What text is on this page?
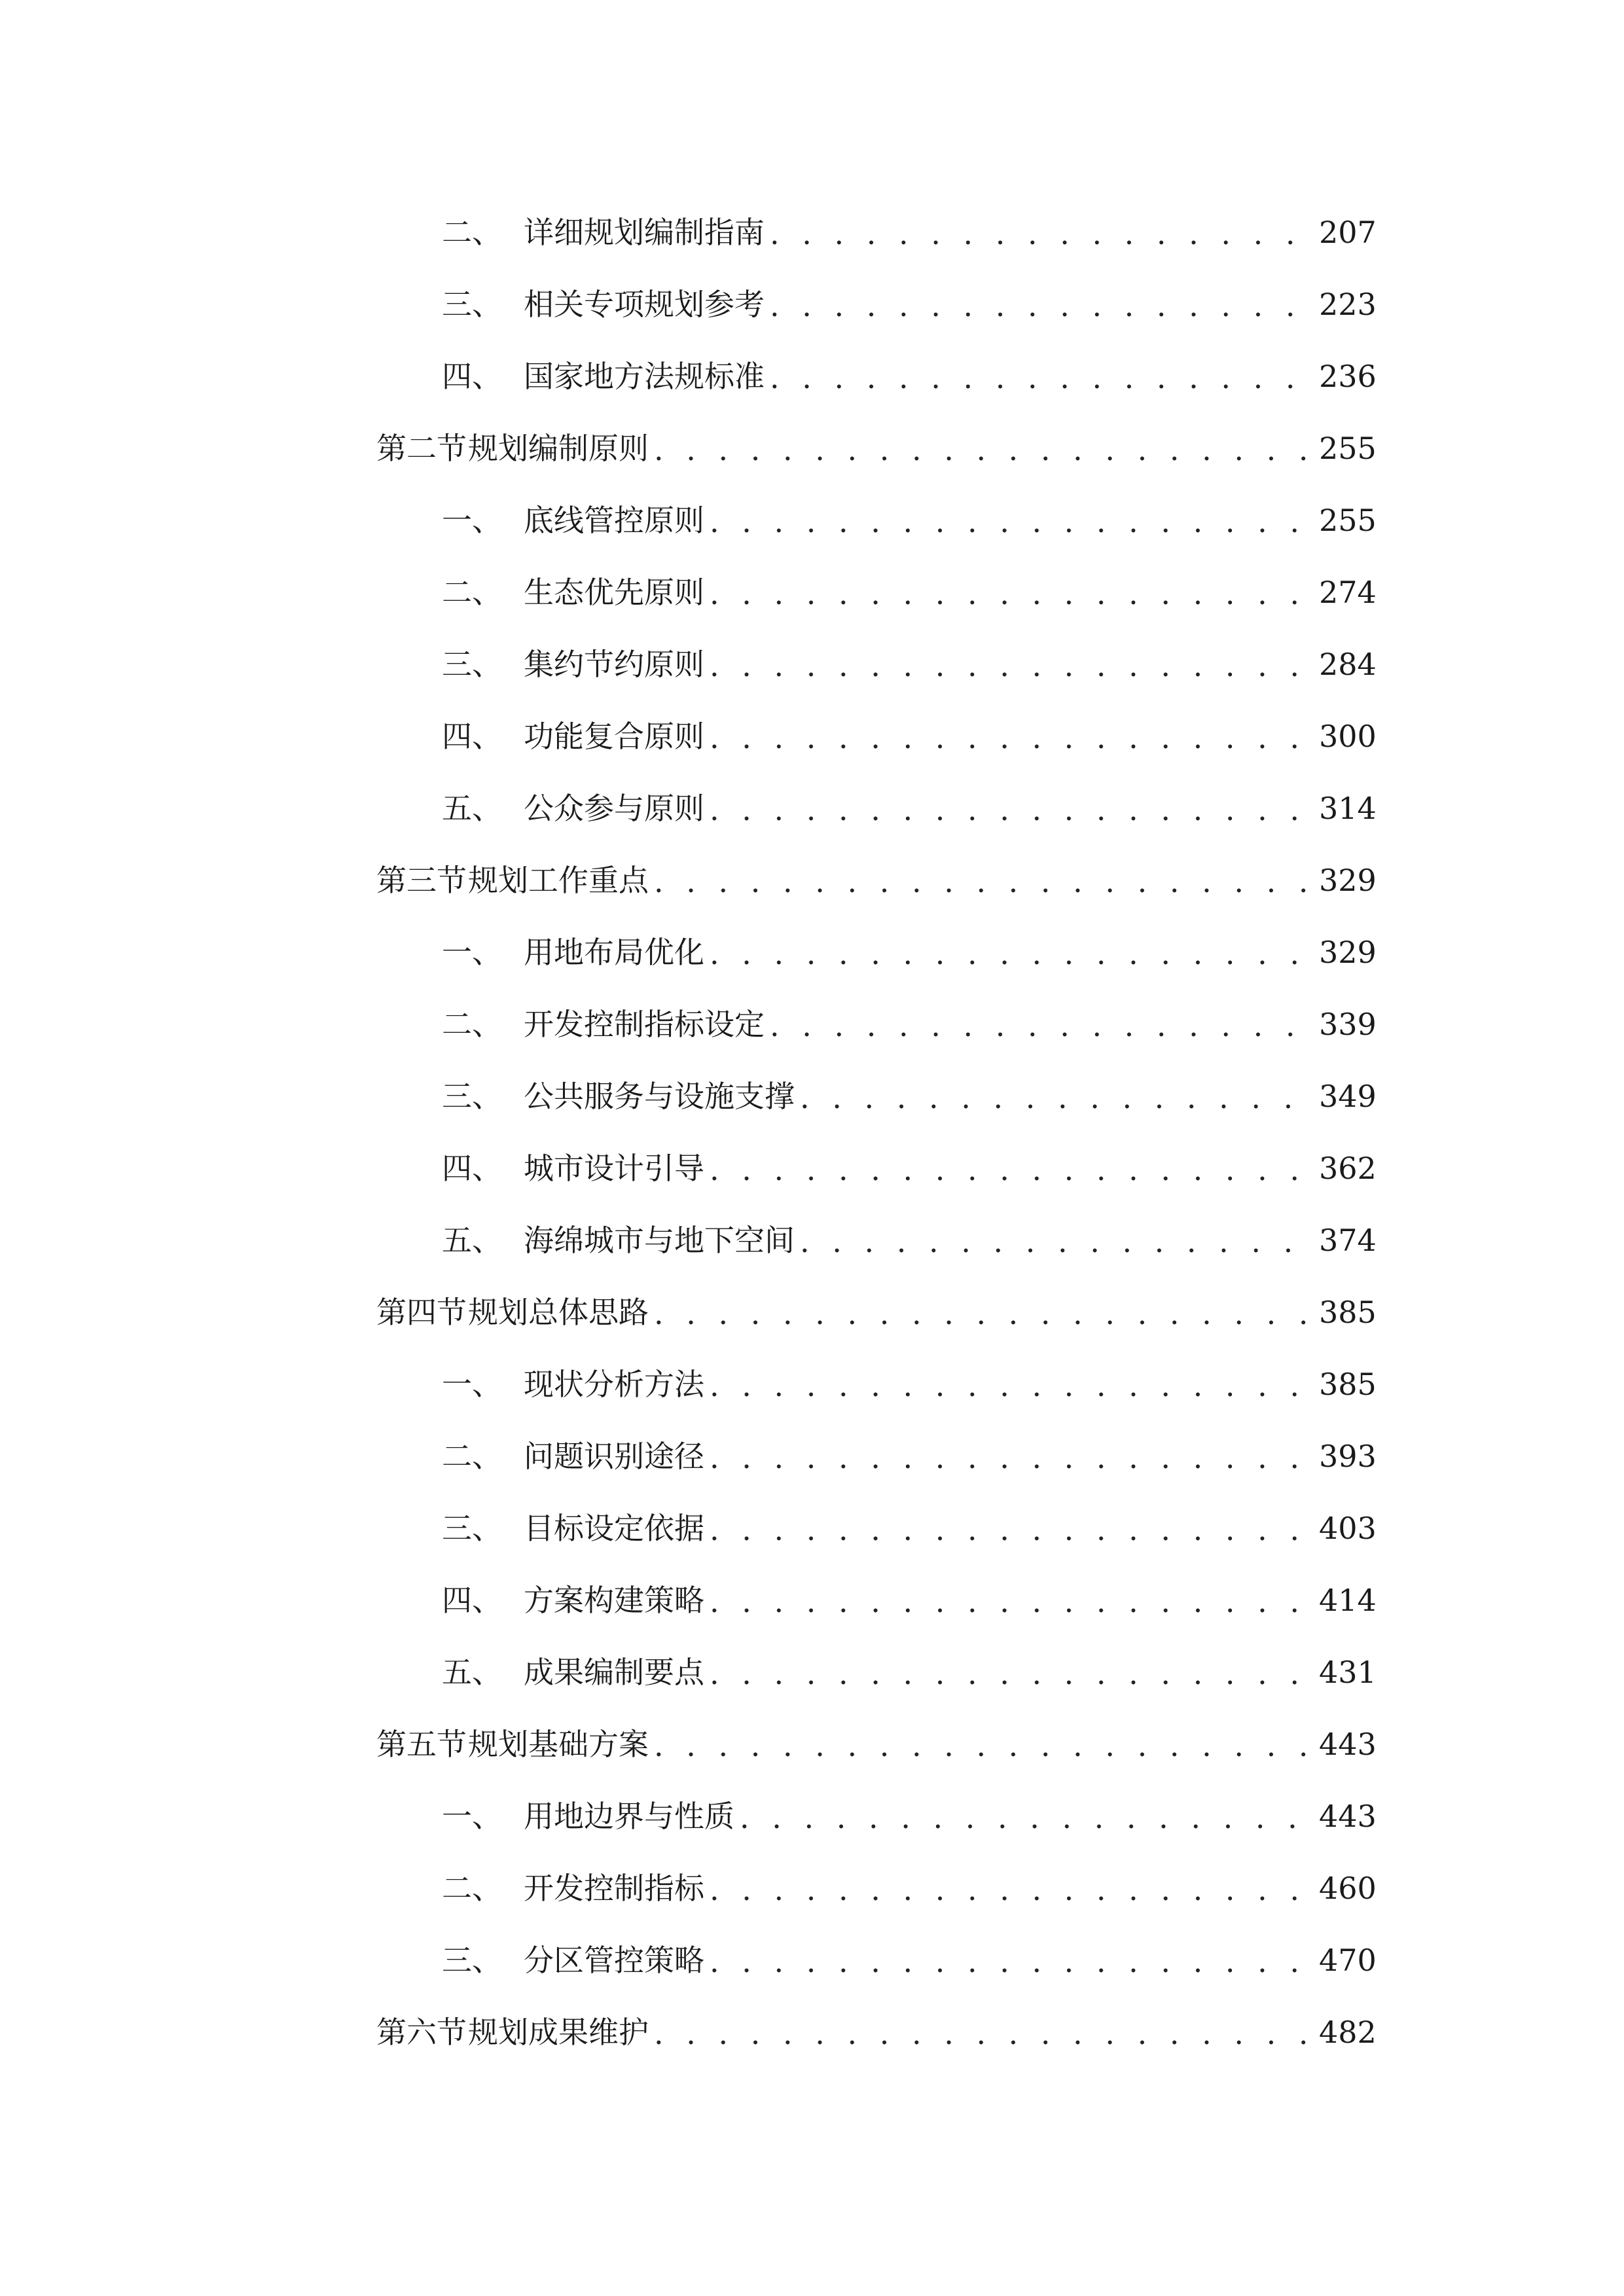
二、 详细规划编制指南 . . .	207
三、 相关专项规划参考 . . .	223
四、 国家地方法规标准 . . .	236
第二节 规划编制原则 . . .	255
一、 底线管控原则 . . .	255
二、 生态优先原则 . . .	274
三、 集约节约原则 . . .	284
四、 功能复合原则 . . .	300
五、 公众参与原则 . . .	314
第三节 规划工作重点 . . .	329
一、 用地布局优化 . . .	329
二、 开发控制指标设定 . . .	339
三、 公共服务与设施支撑 . . .	349
四、 城市设计引导 . . .	362
五、 海绵城市与地下空间 . . .	374
第四节 规划总体思路 . . .	385
一、 现状分析方法 . . .	385
二、 问题识别途径 . . .	393
三、 目标设定依据 . . .	403
四、 方案构建策略 . . .	414
五、 成果编制要点 . . .	431
第五节 规划基础方案 . . .	443
一、 用地边界与性质 . . .	443
二、 开发控制指标 . . .	460
三、 分区管控策略 . . .	470
第六节 规划成果维护 . . .	482
